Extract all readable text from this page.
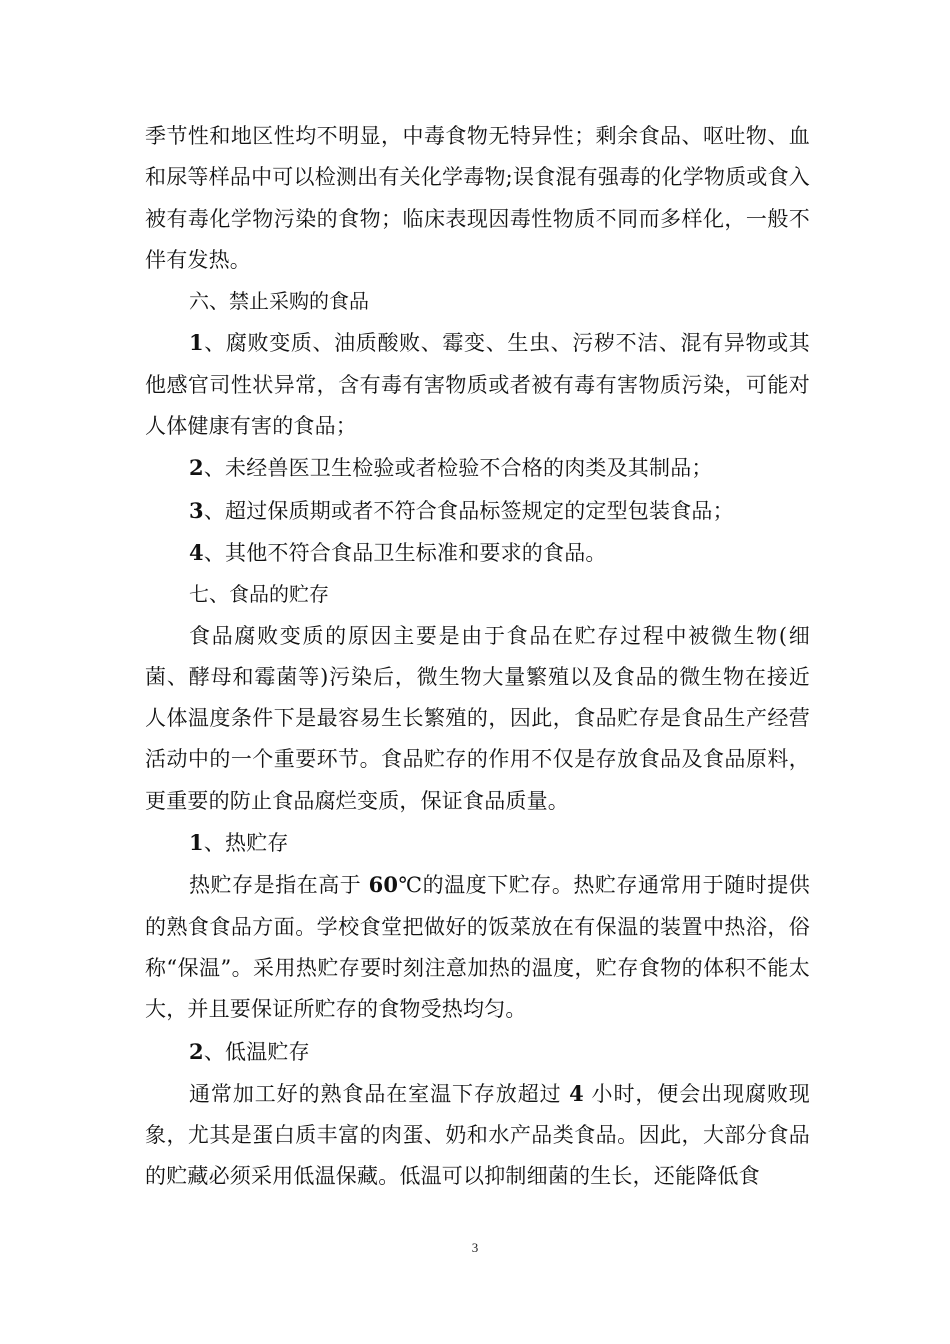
季节性和地区性均不明显，中毒食物无特异性；剩余食品、呕吐物、血和尿等样品中可以检测出有关化学毒物;误食混有强毒的化学物质或食入被有毒化学物污染的食物；临床表现因毒性物质不同而多样化，一般不伴有发热。

六、禁止采购的食品

1、腐败变质、油质酸败、霉变、生虫、污秽不洁、混有异物或其他感官司性状异常，含有毒有害物质或者被有毒有害物质污染，可能对人体健康有害的食品；

2、未经兽医卫生检验或者检验不合格的肉类及其制品；

3、超过保质期或者不符合食品标签规定的定型包装食品；

4、其他不符合食品卫生标准和要求的食品。

七、食品的贮存

食品腐败变质的原因主要是由于食品在贮存过程中被微生物(细菌、酵母和霉菌等)污染后，微生物大量繁殖以及食品的微生物在接近人体温度条件下是最容易生长繁殖的，因此，食品贮存是食品生产经营活动中的一个重要环节。食品贮存的作用不仅是存放食品及食品原料，更重要的防止食品腐烂变质，保证食品质量。

1、热贮存

热贮存是指在高于 60℃的温度下贮存。热贮存通常用于随时提供的熟食食品方面。学校食堂把做好的饭菜放在有保温的装置中热浴，俗称“保温”。采用热贮存要时刻注意加热的温度，贮存食物的体积不能太大，并且要保证所贮存的食物受热均匀。

2、低温贮存

通常加工好的熟食品在室温下存放超过 4 小时，便会出现腐败现象，尤其是蛋白质丰富的肉蛋、奶和水产品类食品。因此，大部分食品的贮藏必须采用低温保藏。低温可以抑制细菌的生长，还能降低食

3
